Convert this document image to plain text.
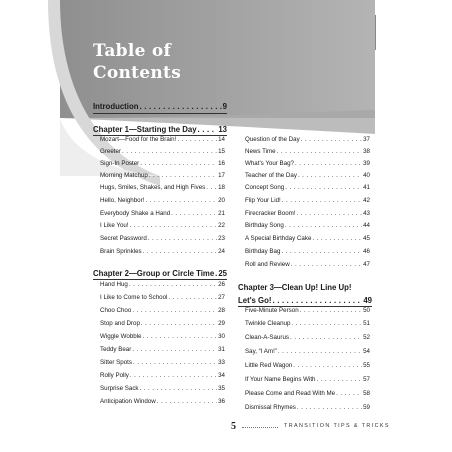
Table of
Contents
Introduction . . .	9
Chapter 1—Starting the Day . . .	13
Mozart—Food for the Brain! . . .	14
Greeter . . .	15
Sign-In Poster . . .	16
Morning Matchup . . .	17
Hugs, Smiles, Shakes, and High Fives . . . 18
Hello, Neighbor! . . .	20
Everybody Shake a Hand . . .	21
I Like You! . . .	22
Secret Password . . .	23
Brain Sprinkles . . .	24
Chapter 2—Group or Circle Time . . . 25
Hand Hug . . .	26
I Like to Come to School . . .	27
Choo Choo . . .	28
Stop and Drop . . .	29
Wiggle Wobble . . .	30
Teddy Bear . . .	31
Sitter Spots . . .	33
Rolly Polly . . .	34
Surprise Sack . . .	35
Anticipation Window . . .	36
Question of the Day . . .	37
News Time . . .	38
What's Your Bag? . . .	39
Teacher of the Day . . .	40
Concept Song . . .	41
Flip Your Lid! . . .	42
Firecracker Boom! . . .	43
Birthday Song . . .	44
A Special Birthday Cake . . .	45
Birthday Bag . . .	46
Roll and Review . . .	47
Chapter 3—Clean Up! Line Up!
Let's Go! . . .	49
Five-Minute Person . . .	50
Twinkle Cleanup . . .	51
Clean-A-Saurus . . .	52
Say, “I Am!” . . .	54
Little Red Wagon . . .	55
If Your Name Begins With . . .	57
Please Come and Read With Me . . .	58
Dismissal Rhymes . . .	59
5	TRANSITION TIPS & TRICKS
